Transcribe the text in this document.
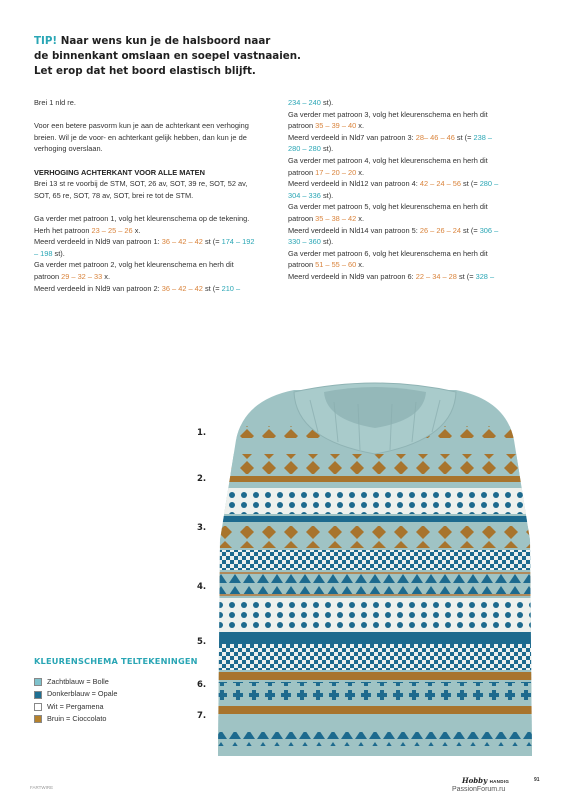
TIP! Naar wens kun je de halsboord naar
de binnenkant omslaan en soepel vastnaaien.
Let erop dat het boord elastisch blijft.

Brei 1 nld re.

Voor een betere pasvorm kun je aan de achterkant een verhoging

breien. Wil je de voor- en achterkant gelijk hebben, dan kun je de

verhoging overslaan.

VERHOGING ACHTERKANT VOOR ALLE MATEN

Brei 13 st re voorbij de STM, SOT, 26 av, SOT, 39 re, SOT, 52 av,

SOT, 65 re, SOT, 78 av, SOT, brei re tot de STM.

Ga verder met patroon 1, volg het kleurenschema op de tekening.

Herh het patroon 23 – 25 – 26 x.

Meerd verdeeld in Nld9 van patroon 1: 36 – 42 – 42 st (= 174 – 192

– 198 st).

Ga verder met patroon 2, volg het kleurenschema en herh dit

patroon 29 – 32 – 33 x.

Meerd verdeeld in Nld9 van patroon 2: 36 – 42 – 42 st (= 210 –

234 – 240 st).

Ga verder met patroon 3, volg het kleurenschema en herh dit

patroon 35 – 39 – 40 x.

Meerd verdeeld in Nld7 van patroon 3: 28– 46 – 46 st (= 238 –

280 – 280 st).

Ga verder met patroon 4, volg het kleurenschema en herh dit

patroon 17 – 20 – 20 x.

Meerd verdeeld in Nld12 van patroon 4: 42 – 24 – 56 st (= 280 –

304 – 336 st).

Ga verder met patroon 5, volg het kleurenschema en herh dit

patroon 35 – 38 – 42 x.

Meerd verdeeld in Nld14 van patroon 5: 26 – 26 – 24 st (= 306 –

330 – 360 st).

Ga verder met patroon 6, volg het kleurenschema en herh dit

patroon 51 – 55 – 60 x.

Meerd verdeeld in Nld9 van patroon 6: 22 – 34 – 28 st (= 328 –

1.
2.
3.
4.
5.
6.
7.
KLEURENSCHEMA TELTEKENINGEN
Zachtblauw = Bolle
Donkerblauw = Opale
Wit = Pergamena
Bruin = Cioccolato
FARTWIRE
Hobby HANDIG	91
PassionForum.ru
